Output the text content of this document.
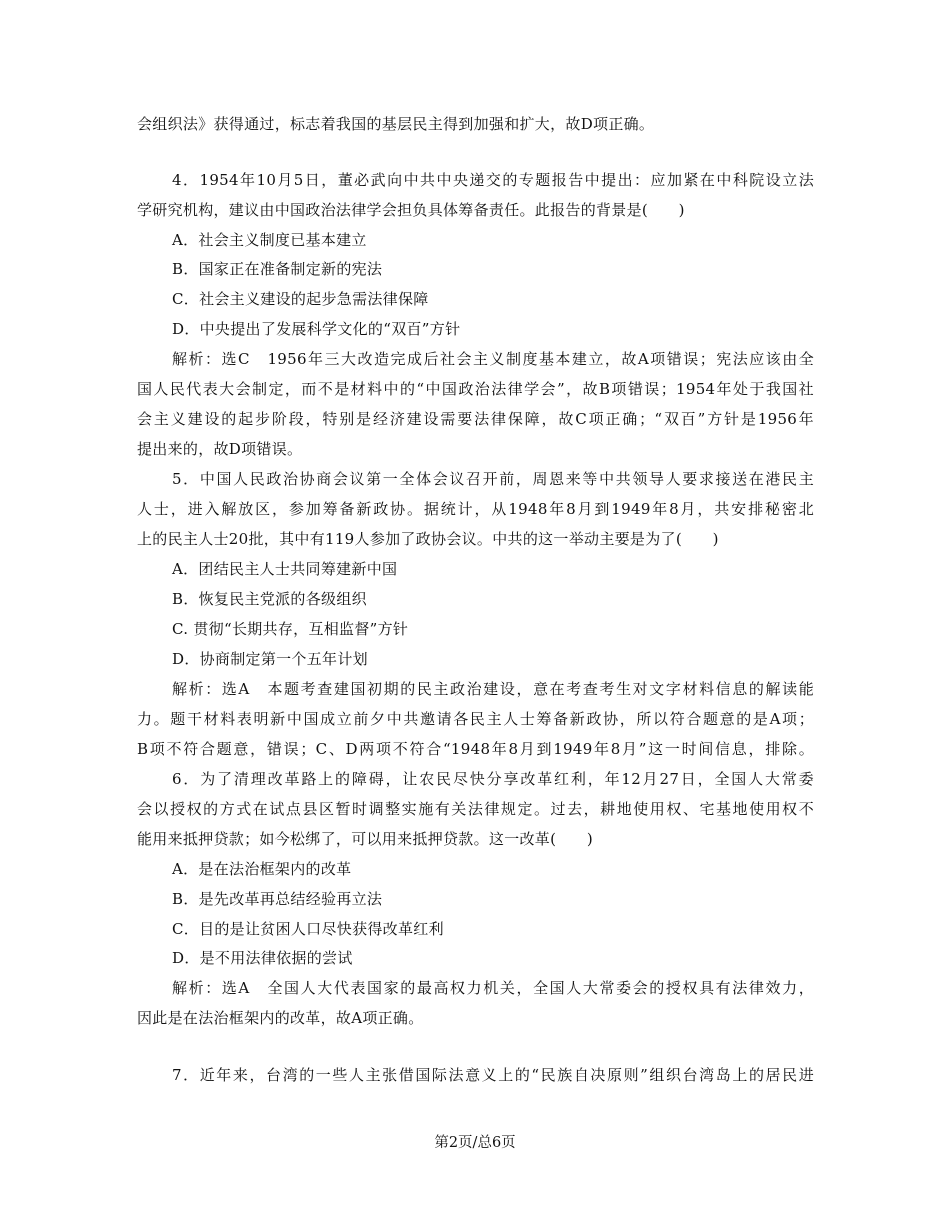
会组织法》获得通过，标志着我国的基层民主得到加强和扩大，故D项正确。
4．1954年10月5日，董必武向中共中央递交的专题报告中提出：应加紧在中科院设立法
学研究机构，建议由中国政治法律学会担负具体筹备责任。此报告的背景是(　　)
A．社会主义制度已基本建立
B．国家正在准备制定新的宪法
C．社会主义建设的起步急需法律保障
D．中央提出了发展科学文化的“双百”方针
解析：选C　1956年三大改造完成后社会主义制度基本建立，故A项错误；宪法应该由全
国人民代表大会制定，而不是材料中的“中国政治法律学会”，故B项错误；1954年处于我国社
会主义建设的起步阶段，特别是经济建设需要法律保障，故C项正确；“双百”方针是1956年
提出来的，故D项错误。
5．中国人民政治协商会议第一全体会议召开前，周恩来等中共领导人要求接送在港民主
人士，进入解放区，参加筹备新政协。据统计，从1948年8月到1949年8月，共安排秘密北
上的民主人士20批，其中有119人参加了政协会议。中共的这一举动主要是为了(　　)
A．团结民主人士共同筹建新中国
B．恢复民主党派的各级组织
C. 贯彻“长期共存，互相监督”方针
D．协商制定第一个五年计划
解析：选A　本题考查建国初期的民主政治建设，意在考查考生对文字材料信息的解读能
力。题干材料表明新中国成立前夕中共邀请各民主人士筹备新政协，所以符合题意的是A项；
B项不符合题意，错误；C、D两项不符合“1948年8月到1949年8月”这一时间信息，排除。
6．为了清理改革路上的障碍，让农民尽快分享改革红利，年12月27日，全国人大常委
会以授权的方式在试点县区暂时调整实施有关法律规定。过去，耕地使用权、宅基地使用权不
能用来抵押贷款；如今松绑了，可以用来抵押贷款。这一改革(　　)
A．是在法治框架内的改革
B．是先改革再总结经验再立法
C．目的是让贫困人口尽快获得改革红利
D．是不用法律依据的尝试
解析：选A　全国人大代表国家的最高权力机关，全国人大常委会的授权具有法律效力，
因此是在法治框架内的改革，故A项正确。
7．近年来，台湾的一些人主张借国际法意义上的“民族自决原则”组织台湾岛上的居民进
第2页/总6页
